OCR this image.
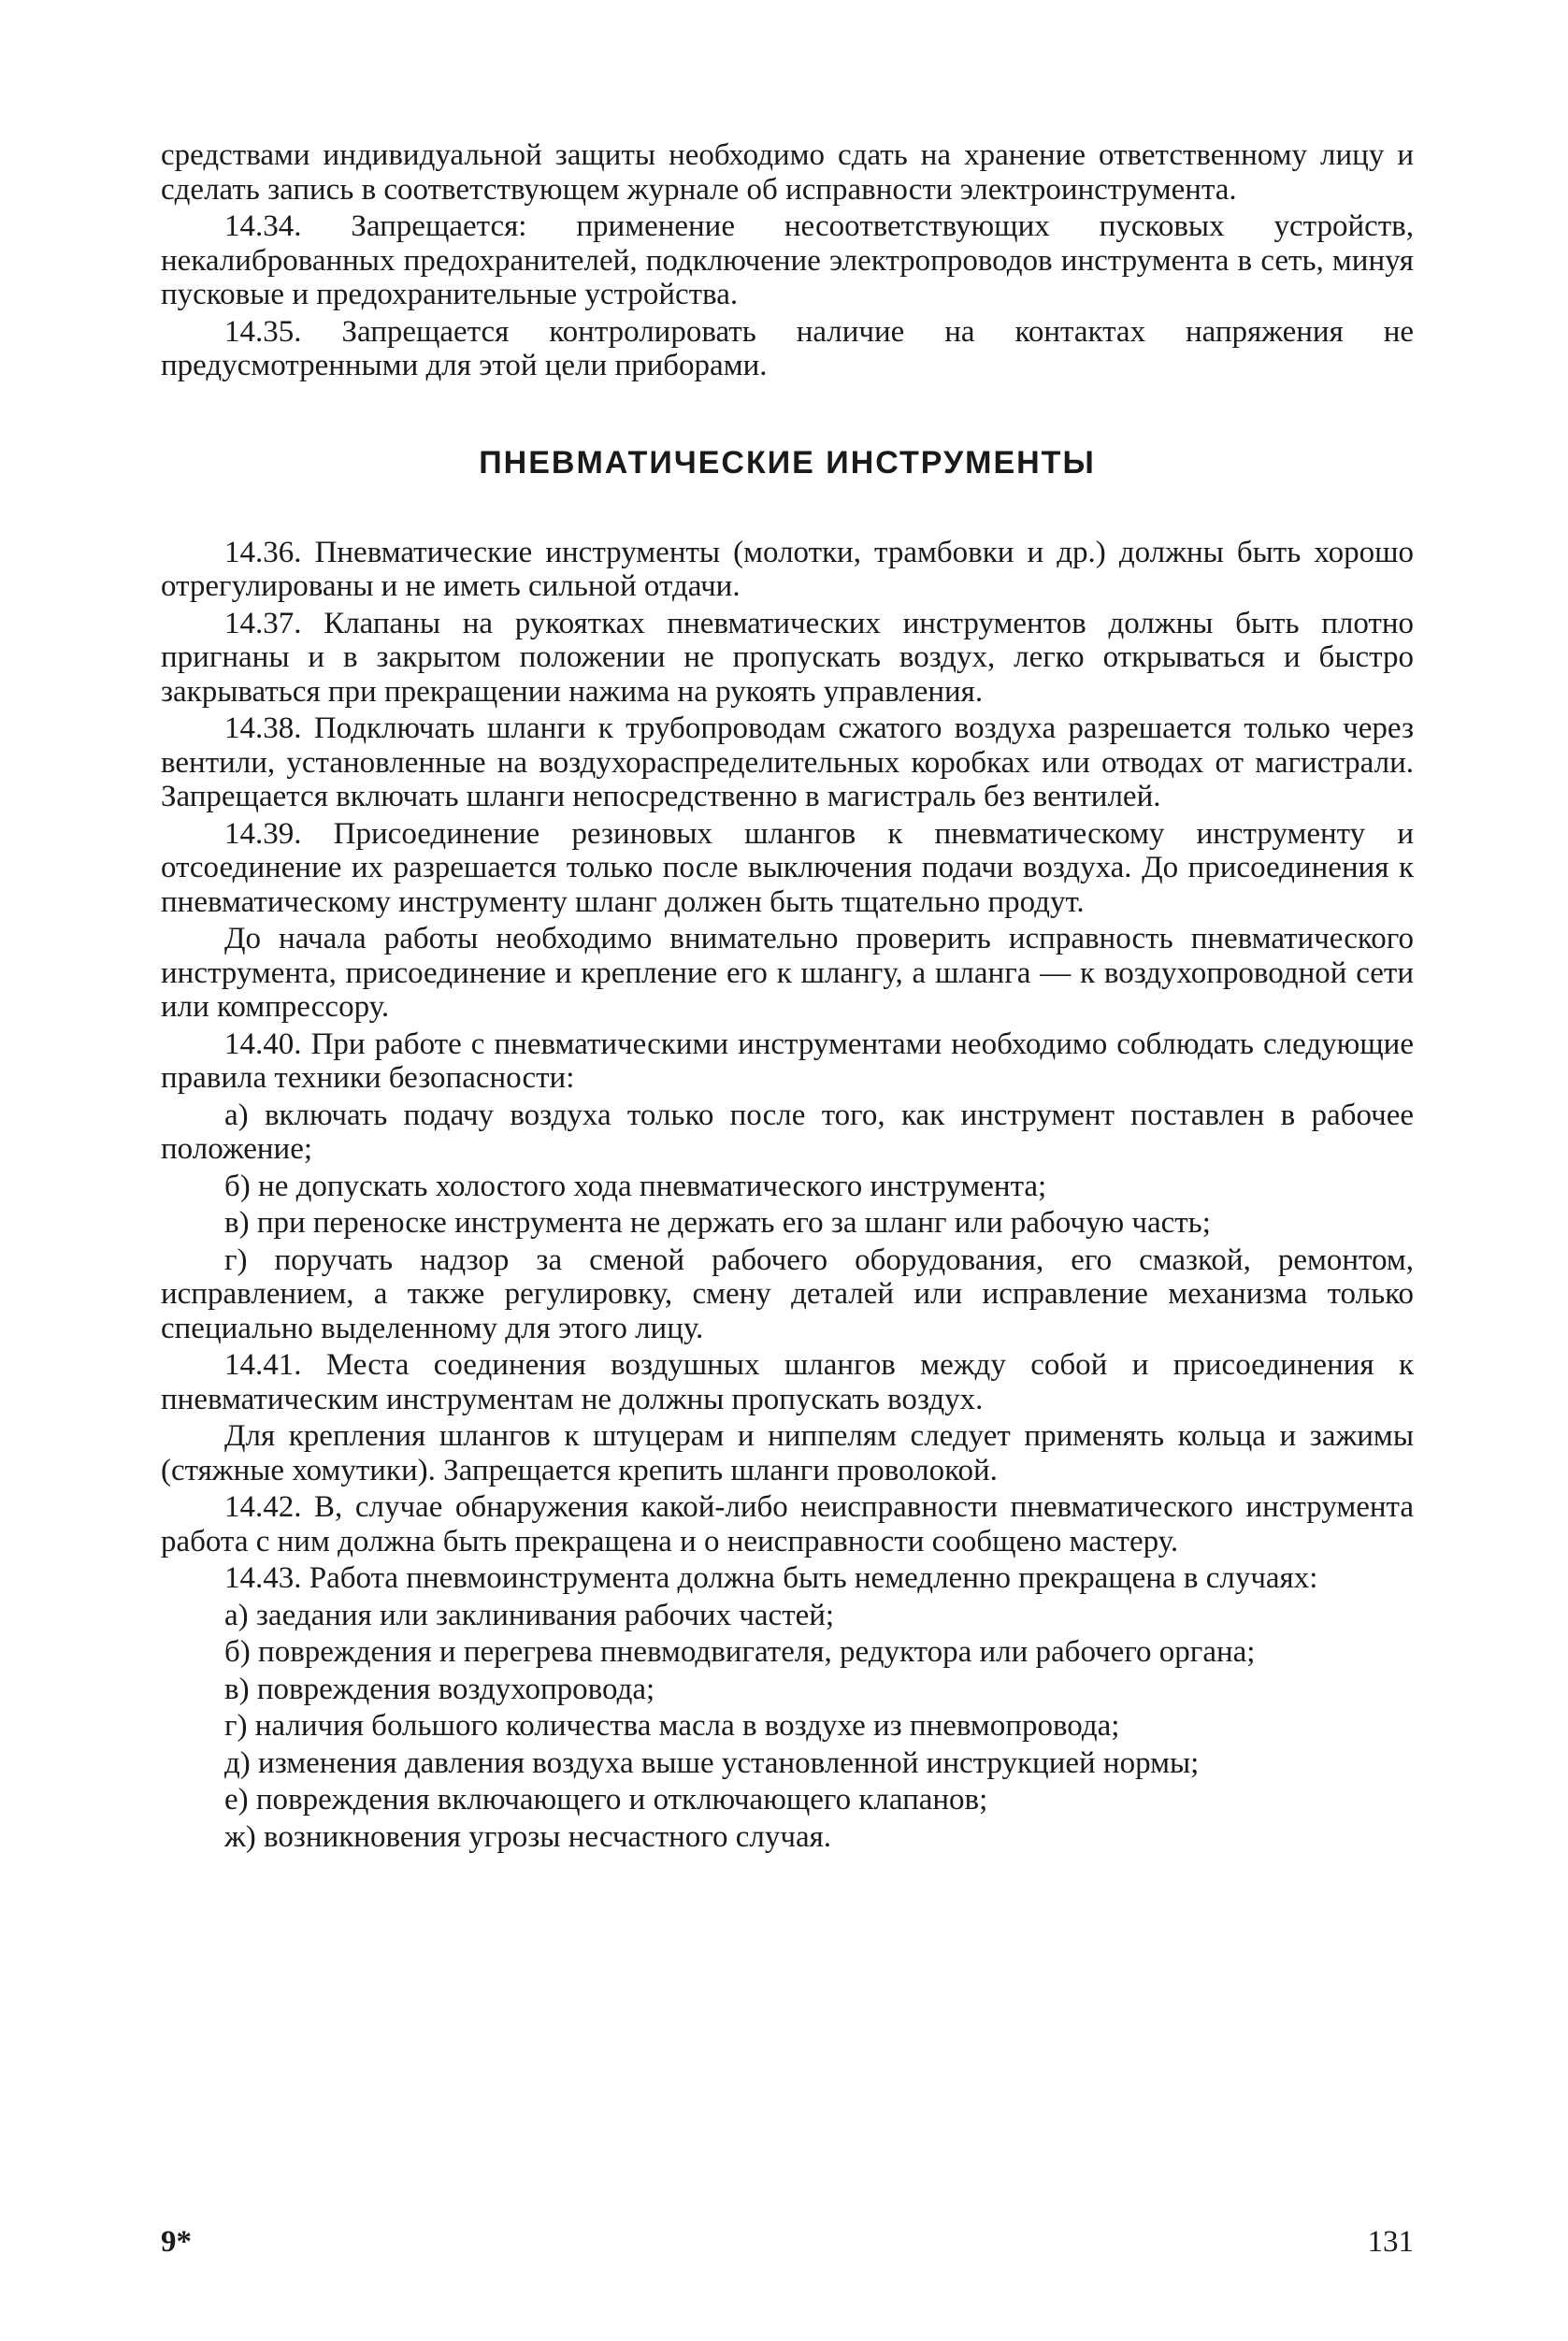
средствами индивидуальной защиты необходимо сдать на хранение ответственному лицу и сделать запись в соответствующем журнале об исправности электроинструмента.

14.34. Запрещается: применение несоответствующих пусковых устройств, некалиброванных предохранителей, подключение электропроводов инструмента в сеть, минуя пусковые и предохранительные устройства.

14.35. Запрещается контролировать наличие на контактах напряжения не предусмотренными для этой цели приборами.

ПНЕВМАТИЧЕСКИЕ ИНСТРУМЕНТЫ

14.36. Пневматические инструменты (молотки, трамбовки и др.) должны быть хорошо отрегулированы и не иметь сильной отдачи.

14.37. Клапаны на рукоятках пневматических инструментов должны быть плотно пригнаны и в закрытом положении не пропускать воздух, легко открываться и быстро закрываться при прекращении нажима на рукоять управления.

14.38. Подключать шланги к трубопроводам сжатого воздуха разрешается только через вентили, установленные на воздухораспределительных коробках или отводах от магистрали. Запрещается включать шланги непосредственно в магистраль без вентилей.

14.39. Присоединение резиновых шлангов к пневматическому инструменту и отсоединение их разрешается только после выключения подачи воздуха. До присоединения к пневматическому инструменту шланг должен быть тщательно продут.

До начала работы необходимо внимательно проверить исправность пневматического инструмента, присоединение и крепление его к шлангу, а шланга — к воздухопроводной сети или компрессору.

14.40. При работе с пневматическими инструментами необходимо соблюдать следующие правила техники безопасности:

а) включать подачу воздуха только после того, как инструмент поставлен в рабочее положение;

б) не допускать холостого хода пневматического инструмента;

в) при переноске инструмента не держать его за шланг или рабочую часть;

г) поручать надзор за сменой рабочего оборудования, его смазкой, ремонтом, исправлением, а также регулировку, смену деталей или исправление механизма только специально выделенному для этого лицу.

14.41. Места соединения воздушных шлангов между собой и присоединения к пневматическим инструментам не должны пропускать воздух.

Для крепления шлангов к штуцерам и ниппелям следует применять кольца и зажимы (стяжные хомутики). Запрещается крепить шланги проволокой.

14.42. В, случае обнаружения какой-либо неисправности пневматического инструмента работа с ним должна быть прекращена и о неисправности сообщено мастеру.

14.43. Работа пневмоинструмента должна быть немедленно прекращена в случаях:

а) заедания или заклинивания рабочих частей;

б) повреждения и перегрева пневмодвигателя, редуктора или рабочего органа;

в) повреждения воздухопровода;

г) наличия большого количества масла в воздухе из пневмопровода;

д) изменения давления воздуха выше установленной инструкцией нормы;

е) повреждения включающего и отключающего клапанов;

ж) возникновения угрозы несчастного случая.

9*	131
